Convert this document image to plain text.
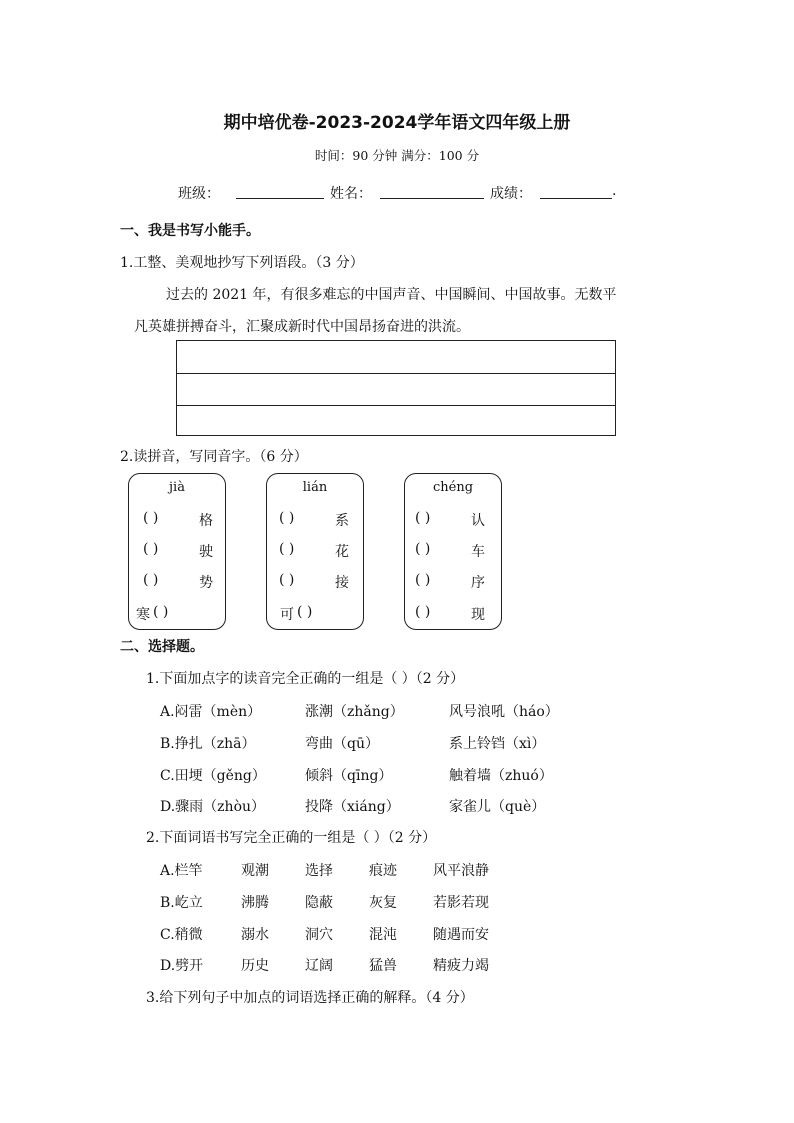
期中培优卷-2023-2024学年语文四年级上册
时间：90 分钟 满分：100 分
班级：	姓名：	成绩：	.
一、我是书写小能手。
1.工整、美观地抄写下列语段。（3 分）
过去的 2021 年，有很多难忘的中国声音、中国瞬间、中国故事。无数平
凡英雄拼搏奋斗，汇聚成新时代中国昂扬奋进的洪流。
2.读拼音，写同音字。（6 分）
jià
( )	格
( )	驶
( )	势
寒 ( )
lián
( )	系
( )	花
( )	接
可 ( )
chéng
( )	认
( )	车
( )	序
( )	现
二、选择题。
1.下面加点字的读音完全正确的一组是（ ）（2 分）
A.闷雷（mèn）	涨潮（zhǎng）	风号浪吼（háo）
B.挣扎（zhā）	弯曲（qū）	系上铃铛（xì）
C.田埂（gěng）	倾斜（qīng）	触着墙（zhuó）
D.骤雨（zhòu）	投降（xiáng）	家雀儿（què）
2.下面词语书写完全正确的一组是（ ）（2 分）
A.栏竿	观潮	选择	痕迹	风平浪静
B.屹立	沸腾	隐蔽	灰复	若影若现
C.稍微	溺水	洞穴	混沌	随遇而安
D.劈开	历史	辽阔	猛兽	精疲力竭
3.给下列句子中加点的词语选择正确的解释。（4 分）
